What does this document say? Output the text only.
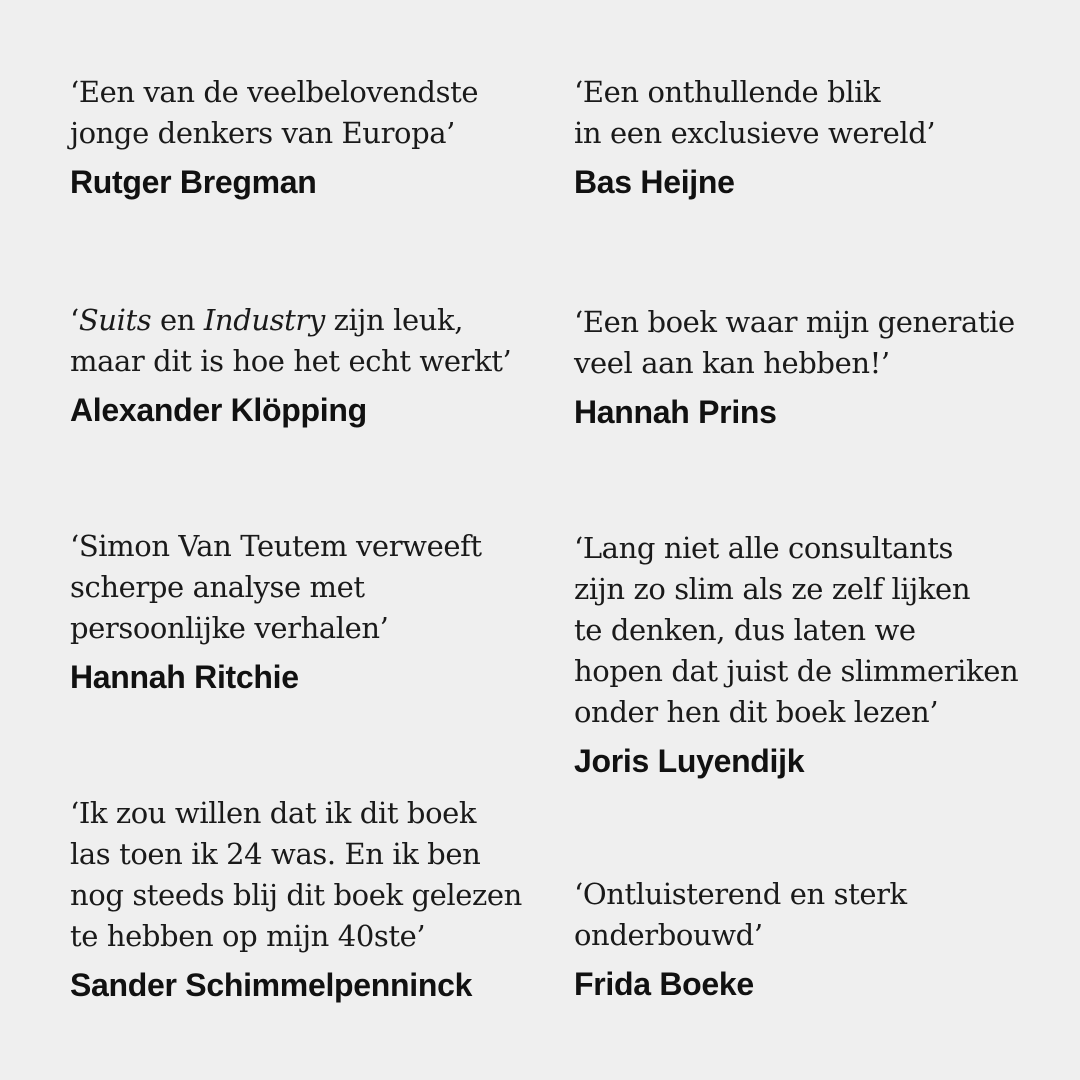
‘Een van de veelbelovendste
jonge denkers van Europa’

Rutger Bregman

‘Een onthullende blik
in een exclusieve wereld’

Bas Heijne

‘Suits en Industry zijn leuk,
maar dit is hoe het echt werkt’

Alexander Klöpping

‘Een boek waar mijn generatie
veel aan kan hebben!’

Hannah Prins

‘Simon Van Teutem verweeft
scherpe analyse met
persoonlijke verhalen’

Hannah Ritchie

‘Lang niet alle consultants
zijn zo slim als ze zelf lijken
te denken, dus laten we
hopen dat juist de slimmeriken
onder hen dit boek lezen’

Joris Luyendijk

‘Ik zou willen dat ik dit boek
las toen ik 24 was. En ik ben
nog steeds blij dit boek gelezen
te hebben op mijn 40ste’

Sander Schimmelpenninck

‘Ontluisterend en sterk
onderbouwd’

Frida Boeke
